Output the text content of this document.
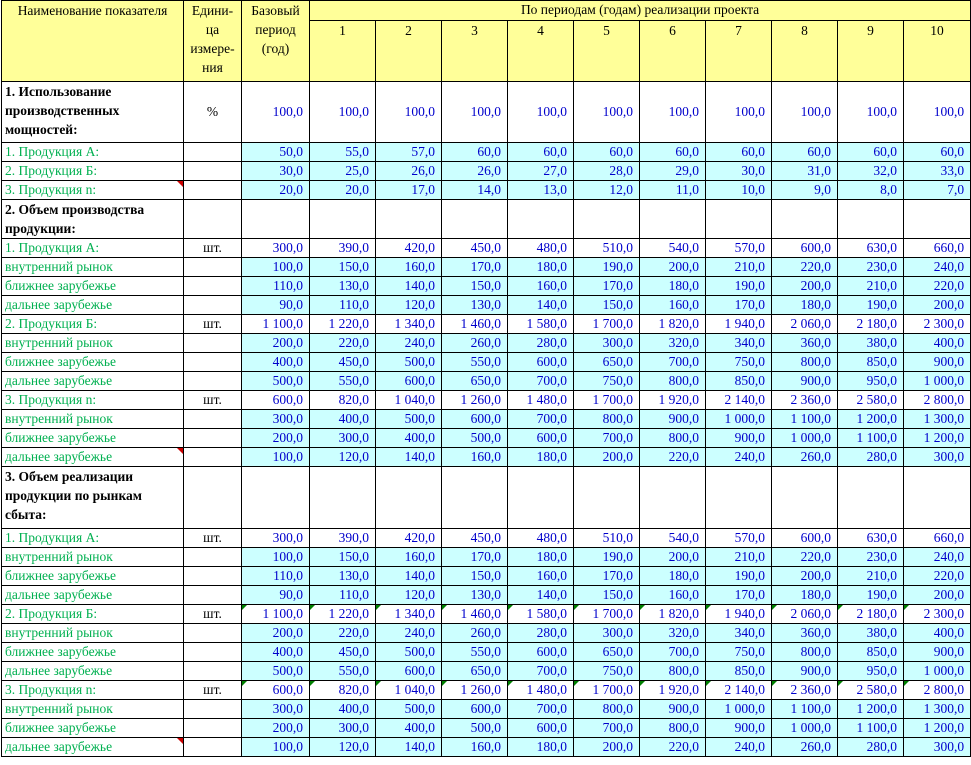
Наименование показателя	Едини-ца измере-ния	Базовый период (год)	По периодам (годам) реализации проекта									
			1	2	3	4	5	6	7	8	9	10
1. Использование производственных мощностей:	%	100,0	100,0	100,0	100,0	100,0	100,0	100,0	100,0	100,0	100,0	100,0
1. Продукция А:		50,0	55,0	57,0	60,0	60,0	60,0	60,0	60,0	60,0	60,0	60,0
2. Продукция Б:		30,0	25,0	26,0	26,0	27,0	28,0	29,0	30,0	31,0	32,0	33,0
3. Продукция n:		20,0	20,0	17,0	14,0	13,0	12,0	11,0	10,0	9,0	8,0	7,0
2. Объем производства продукции:												
1. Продукция А:	шт.	300,0	390,0	420,0	450,0	480,0	510,0	540,0	570,0	600,0	630,0	660,0
внутренний рынок		100,0	150,0	160,0	170,0	180,0	190,0	200,0	210,0	220,0	230,0	240,0
ближнее зарубежье		110,0	130,0	140,0	150,0	160,0	170,0	180,0	190,0	200,0	210,0	220,0
дальнее зарубежье		90,0	110,0	120,0	130,0	140,0	150,0	160,0	170,0	180,0	190,0	200,0
2. Продукция Б:	шт.	1 100,0	1 220,0	1 340,0	1 460,0	1 580,0	1 700,0	1 820,0	1 940,0	2 060,0	2 180,0	2 300,0
внутренний рынок		200,0	220,0	240,0	260,0	280,0	300,0	320,0	340,0	360,0	380,0	400,0
ближнее зарубежье		400,0	450,0	500,0	550,0	600,0	650,0	700,0	750,0	800,0	850,0	900,0
дальнее зарубежье		500,0	550,0	600,0	650,0	700,0	750,0	800,0	850,0	900,0	950,0	1 000,0
3. Продукция n:	шт.	600,0	820,0	1 040,0	1 260,0	1 480,0	1 700,0	1 920,0	2 140,0	2 360,0	2 580,0	2 800,0
внутренний рынок		300,0	400,0	500,0	600,0	700,0	800,0	900,0	1 000,0	1 100,0	1 200,0	1 300,0
ближнее зарубежье		200,0	300,0	400,0	500,0	600,0	700,0	800,0	900,0	1 000,0	1 100,0	1 200,0
дальнее зарубежье		100,0	120,0	140,0	160,0	180,0	200,0	220,0	240,0	260,0	280,0	300,0
3. Объем реализации продукции по рынкам сбыта:												
1. Продукция А:	шт.	300,0	390,0	420,0	450,0	480,0	510,0	540,0	570,0	600,0	630,0	660,0
внутренний рынок		100,0	150,0	160,0	170,0	180,0	190,0	200,0	210,0	220,0	230,0	240,0
ближнее зарубежье		110,0	130,0	140,0	150,0	160,0	170,0	180,0	190,0	200,0	210,0	220,0
дальнее зарубежье		90,0	110,0	120,0	130,0	140,0	150,0	160,0	170,0	180,0	190,0	200,0
2. Продукция Б:	шт.	1 100,0	1 220,0	1 340,0	1 460,0	1 580,0	1 700,0	1 820,0	1 940,0	2 060,0	2 180,0	2 300,0
внутренний рынок		200,0	220,0	240,0	260,0	280,0	300,0	320,0	340,0	360,0	380,0	400,0
ближнее зарубежье		400,0	450,0	500,0	550,0	600,0	650,0	700,0	750,0	800,0	850,0	900,0
дальнее зарубежье		500,0	550,0	600,0	650,0	700,0	750,0	800,0	850,0	900,0	950,0	1 000,0
3. Продукция n:	шт.	600,0	820,0	1 040,0	1 260,0	1 480,0	1 700,0	1 920,0	2 140,0	2 360,0	2 580,0	2 800,0
внутренний рынок		300,0	400,0	500,0	600,0	700,0	800,0	900,0	1 000,0	1 100,0	1 200,0	1 300,0
ближнее зарубежье		200,0	300,0	400,0	500,0	600,0	700,0	800,0	900,0	1 000,0	1 100,0	1 200,0
дальнее зарубежье		100,0	120,0	140,0	160,0	180,0	200,0	220,0	240,0	260,0	280,0	300,0
